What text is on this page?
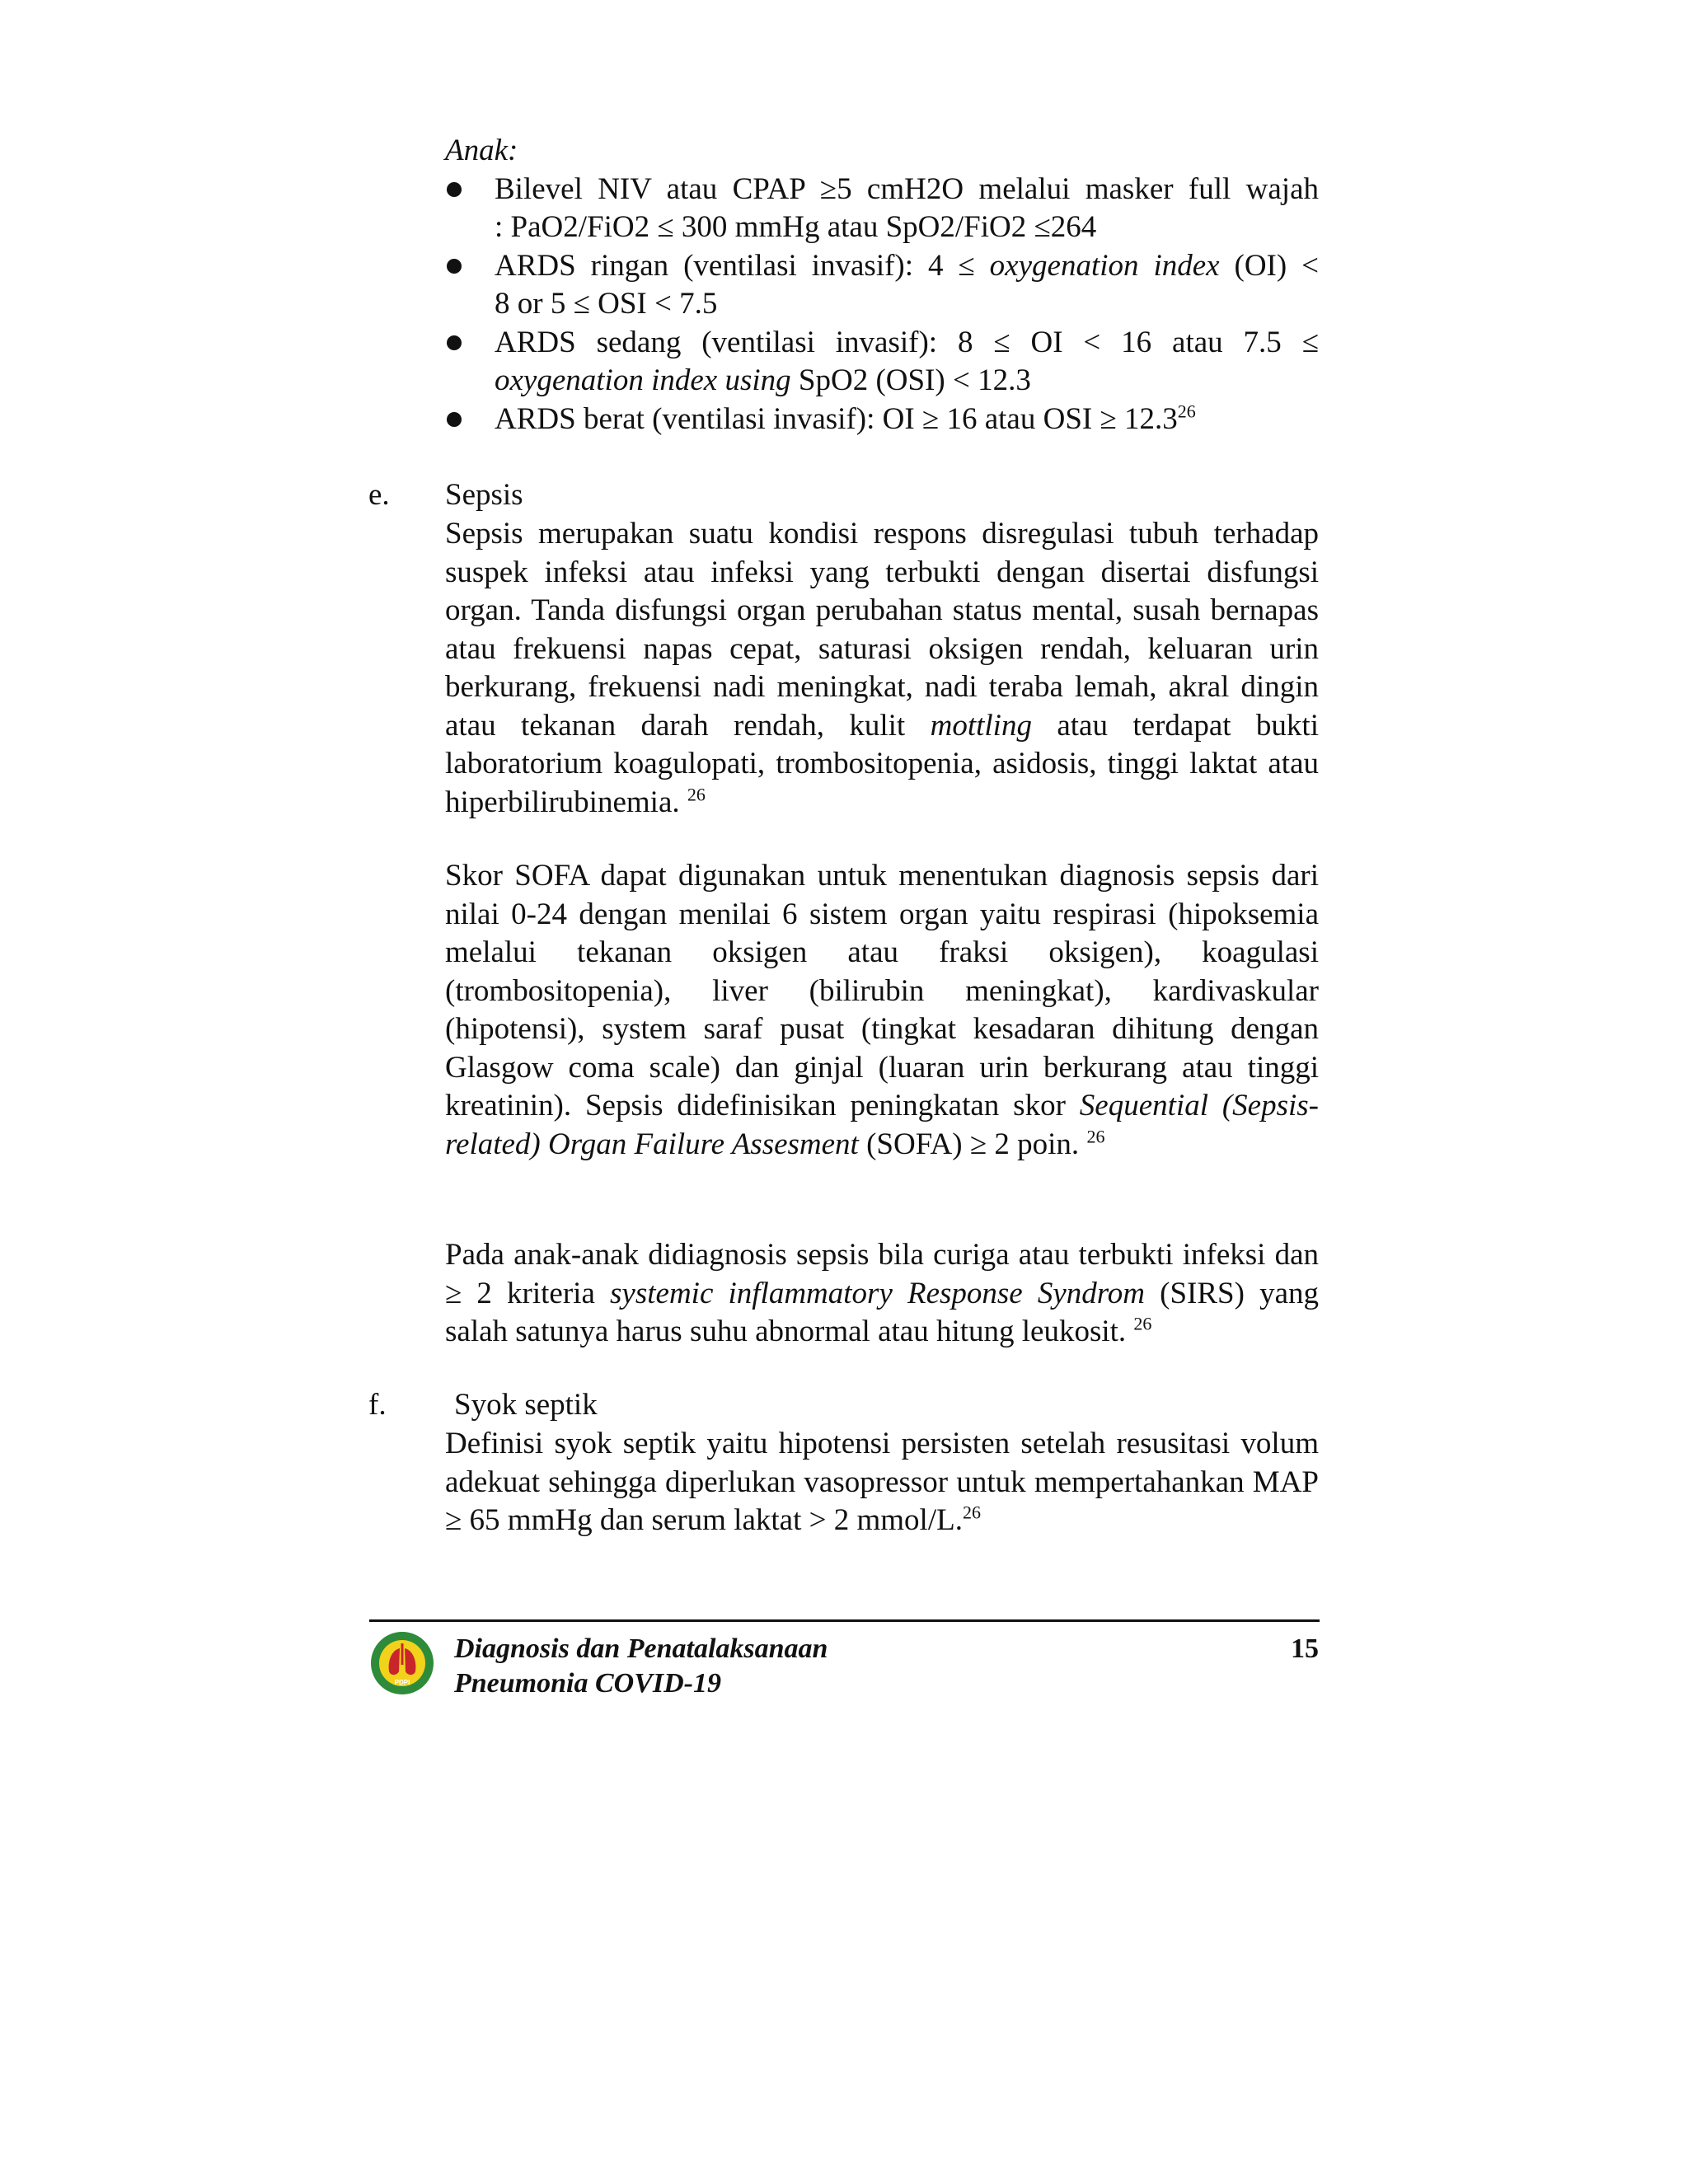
Anak:
Bilevel NIV atau CPAP ≥5 cmH2O melalui masker full wajah
: PaO2/FiO2 ≤ 300 mmHg atau SpO2/FiO2 ≤264
ARDS ringan (ventilasi invasif): 4 ≤ oxygenation index (OI) <
8 or 5 ≤ OSI < 7.5
ARDS sedang (ventilasi invasif): 8 ≤ OI < 16 atau 7.5 ≤
oxygenation index using SpO2 (OSI) < 12.3
ARDS berat (ventilasi invasif): OI ≥ 16 atau OSI ≥ $12.3^{26}$
e. Sepsis

Sepsis merupakan suatu kondisi respons disregulasi tubuh terhadap suspek infeksi atau infeksi yang terbukti dengan disertai disfungsi organ. Tanda disfungsi organ perubahan status mental, susah bernapas atau frekuensi napas cepat, saturasi oksigen rendah, keluaran urin berkurang, frekuensi nadi meningkat, nadi teraba lemah, akral dingin atau tekanan darah rendah, kulit mottling atau terdapat bukti laboratorium koagulopati, trombositopenia, asidosis, tinggi laktat atau hiperbilirubinemia. $^{26}$

Skor SOFA dapat digunakan untuk menentukan diagnosis sepsis dari nilai 0-24 dengan menilai 6 sistem organ yaitu respirasi (hipoksemia melalui tekanan oksigen atau fraksi oksigen), koagulasi (trombositopenia), liver (bilirubin meningkat), kardivaskular (hipotensi), system saraf pusat (tingkat kesadaran dihitung dengan Glasgow coma scale) dan ginjal (luaran urin berkurang atau tinggi kreatinin). Sepsis didefinisikan peningkatan skor Sequential (Sepsis-related) Organ Failure Assesment (SOFA) ≥ 2 poin. $^{26}$

Pada anak-anak didiagnosis sepsis bila curiga atau terbukti infeksi dan ≥ 2 kriteria systemic inflammatory Response Syndrom (SIRS) yang salah satunya harus suhu abnormal atau hitung leukosit. $^{26}$

f. Syok septik

Definisi syok septik yaitu hipotensi persisten setelah resusitasi volum adekuat sehingga diperlukan vasopressor untuk mempertahankan MAP ≥ 65 mmHg dan serum laktat > 2 mmol/L.$^{26}$

PDPI
Diagnosis dan Penatalaksanaan
Pneumonia COVID-19
15
